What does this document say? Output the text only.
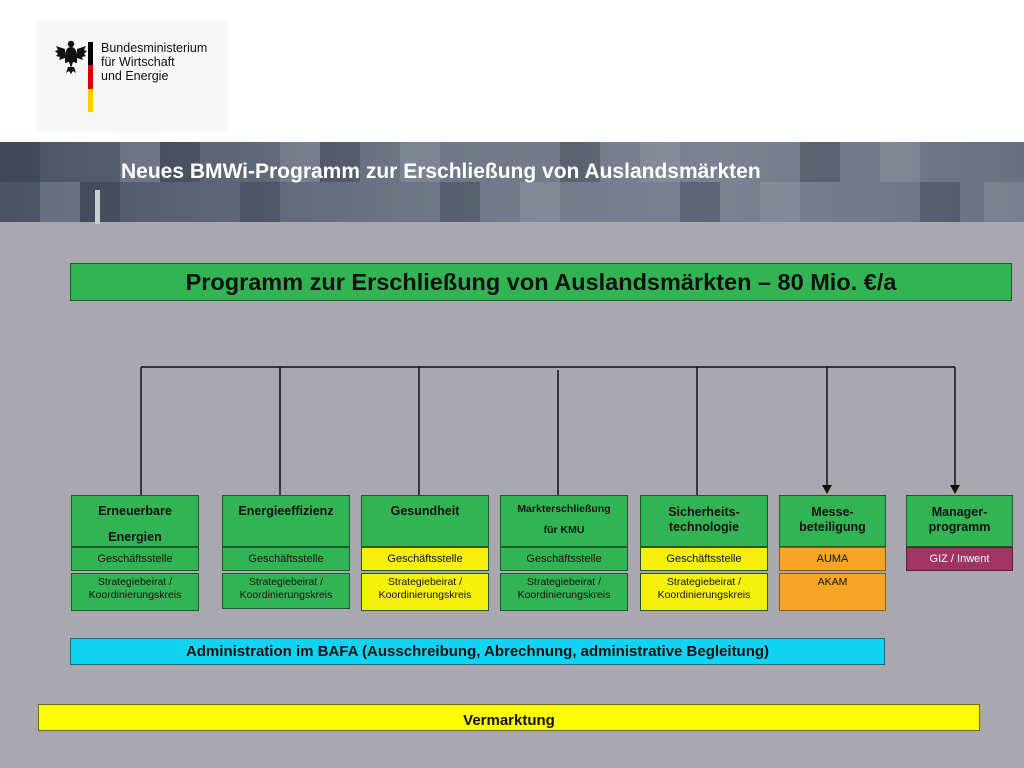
Bundesministerium
für Wirtschaft
und Energie
Neues BMWi-Programm zur Erschließung von Auslandsmärkten
Programm zur Erschließung von Auslandsmärkten – 80 Mio. €/a
Erneuerbare
Energien
Geschäftsstelle
Strategiebeirat /
Koordinierungskreis
Energieeffizienz
Geschäftsstelle
Strategiebeirat /
Koordinierungskreis
Gesundheit
Geschäftsstelle
Strategiebeirat /
Koordinierungskreis
Markterschließung
für KMU
Geschäftsstelle
Strategiebeirat /
Koordinierungskreis
Sicherheits-
technologie
Geschäftsstelle
Strategiebeirat /
Koordinierungskreis
Messe-
beteiligung
AUMA
AKAM
Manager-
programm
GIZ / Inwent
Administration im BAFA (Ausschreibung, Abrechnung, administrative Begleitung)
Vermarktung
